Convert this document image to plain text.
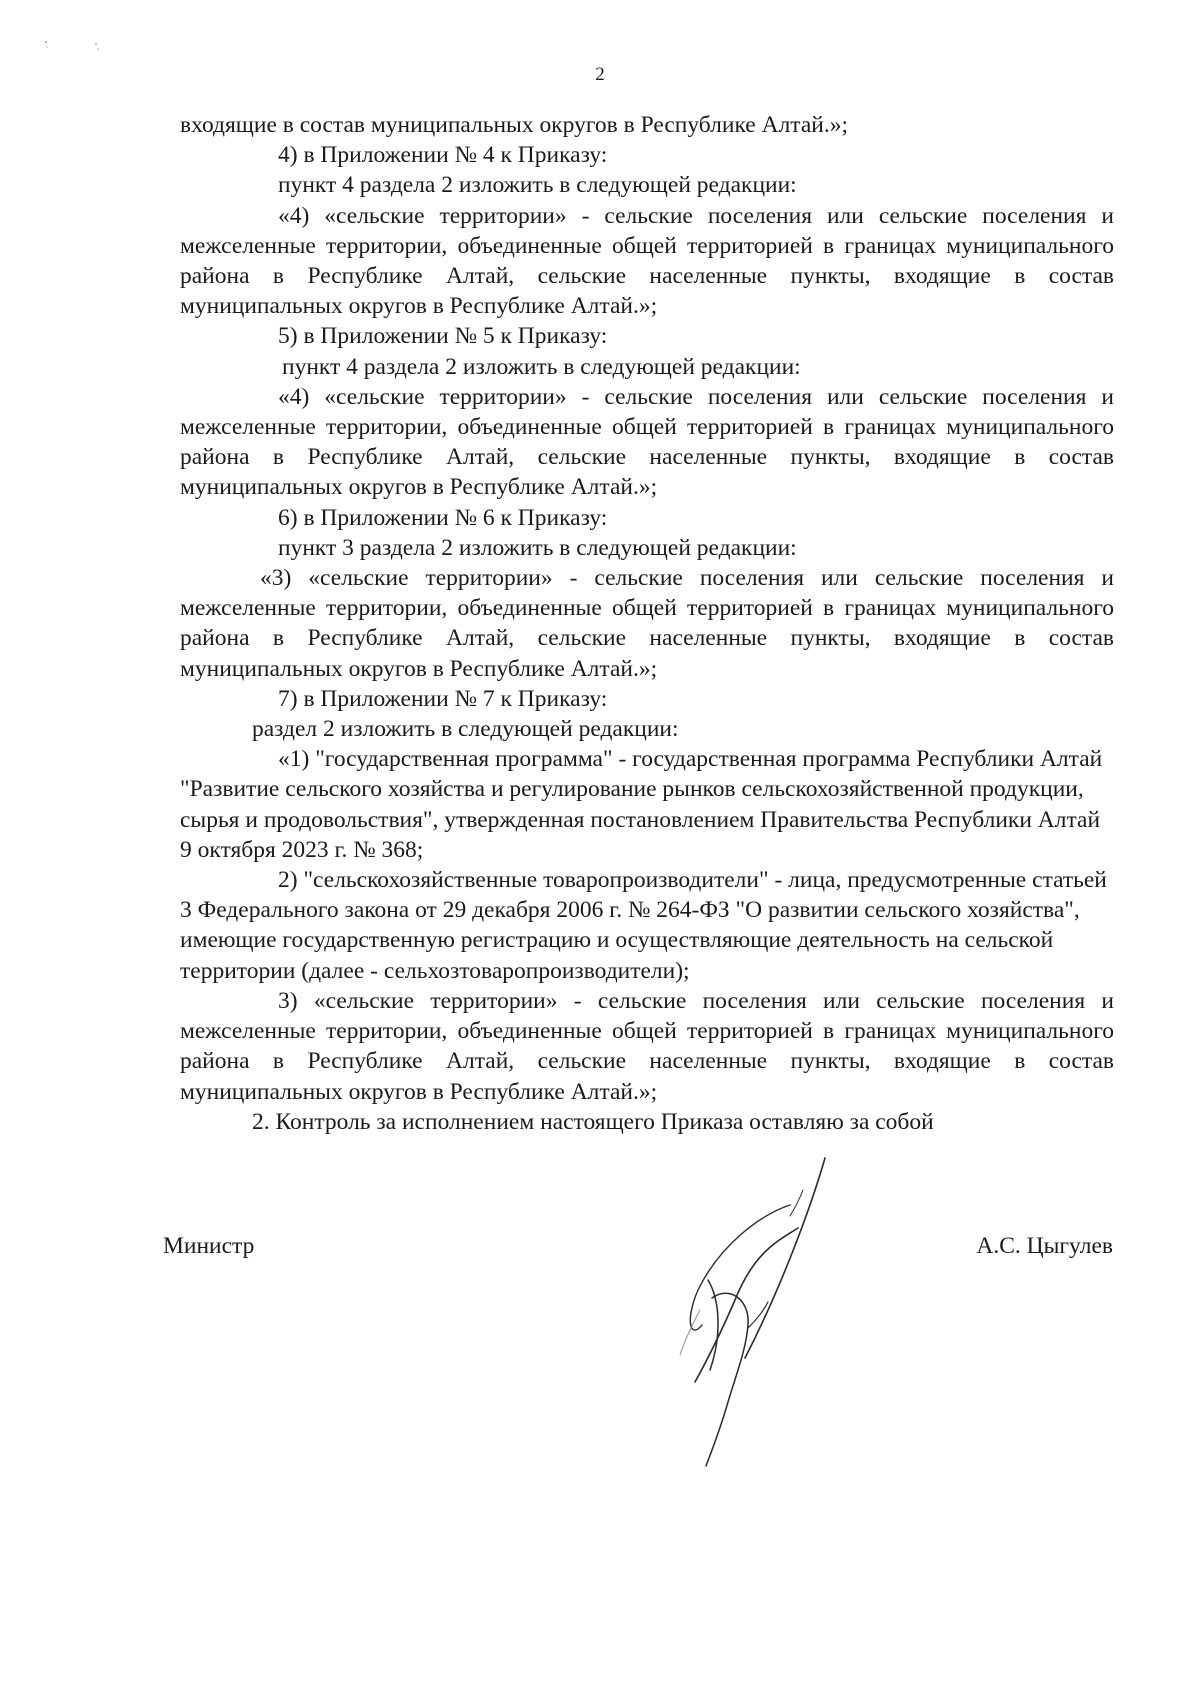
2

входящие в состав муниципальных округов в Республике Алтай.»;

4) в Приложении № 4 к Приказу:

пункт 4 раздела 2 изложить в следующей редакции:

«4) «сельские территории» - сельские поселения или сельские поселения и межселенные территории, объединенные общей территорией в границах муниципального района в Республике Алтай, сельские населенные пункты, входящие в состав муниципальных округов в Республике Алтай.»;

5) в Приложении № 5 к Приказу:

пункт 4 раздела 2 изложить в следующей редакции:

«4) «сельские территории» - сельские поселения или сельские поселения и межселенные территории, объединенные общей территорией в границах муниципального района в Республике Алтай, сельские населенные пункты, входящие в состав муниципальных округов в Республике Алтай.»;

6) в Приложении № 6 к Приказу:

пункт 3 раздела 2 изложить в следующей редакции:

«3) «сельские территории» - сельские поселения или сельские поселения и межселенные территории, объединенные общей территорией в границах муниципального района в Республике Алтай, сельские населенные пункты, входящие в состав муниципальных округов в Республике Алтай.»;

7) в Приложении № 7 к Приказу:

раздел 2 изложить в следующей редакции:

«1) "государственная программа" - государственная программа Республики Алтай "Развитие сельского хозяйства и регулирование рынков сельскохозяйственной продукции, сырья и продовольствия", утвержденная постановлением Правительства Республики Алтай 9 октября 2023 г. № 368;

2) "сельскохозяйственные товаропроизводители" - лица, предусмотренные статьей 3 Федерального закона от 29 декабря 2006 г. № 264-ФЗ "О развитии сельского хозяйства", имеющие государственную регистрацию и осуществляющие деятельность на сельской территории (далее - сельхозтоваропроизводители);

3) «сельские территории» - сельские поселения или сельские поселения и межселенные территории, объединенные общей территорией в границах муниципального района в Республике Алтай, сельские населенные пункты, входящие в состав муниципальных округов в Республике Алтай.»;

2. Контроль за исполнением настоящего Приказа оставляю за собой

Министр	А.С. Цыгулев
